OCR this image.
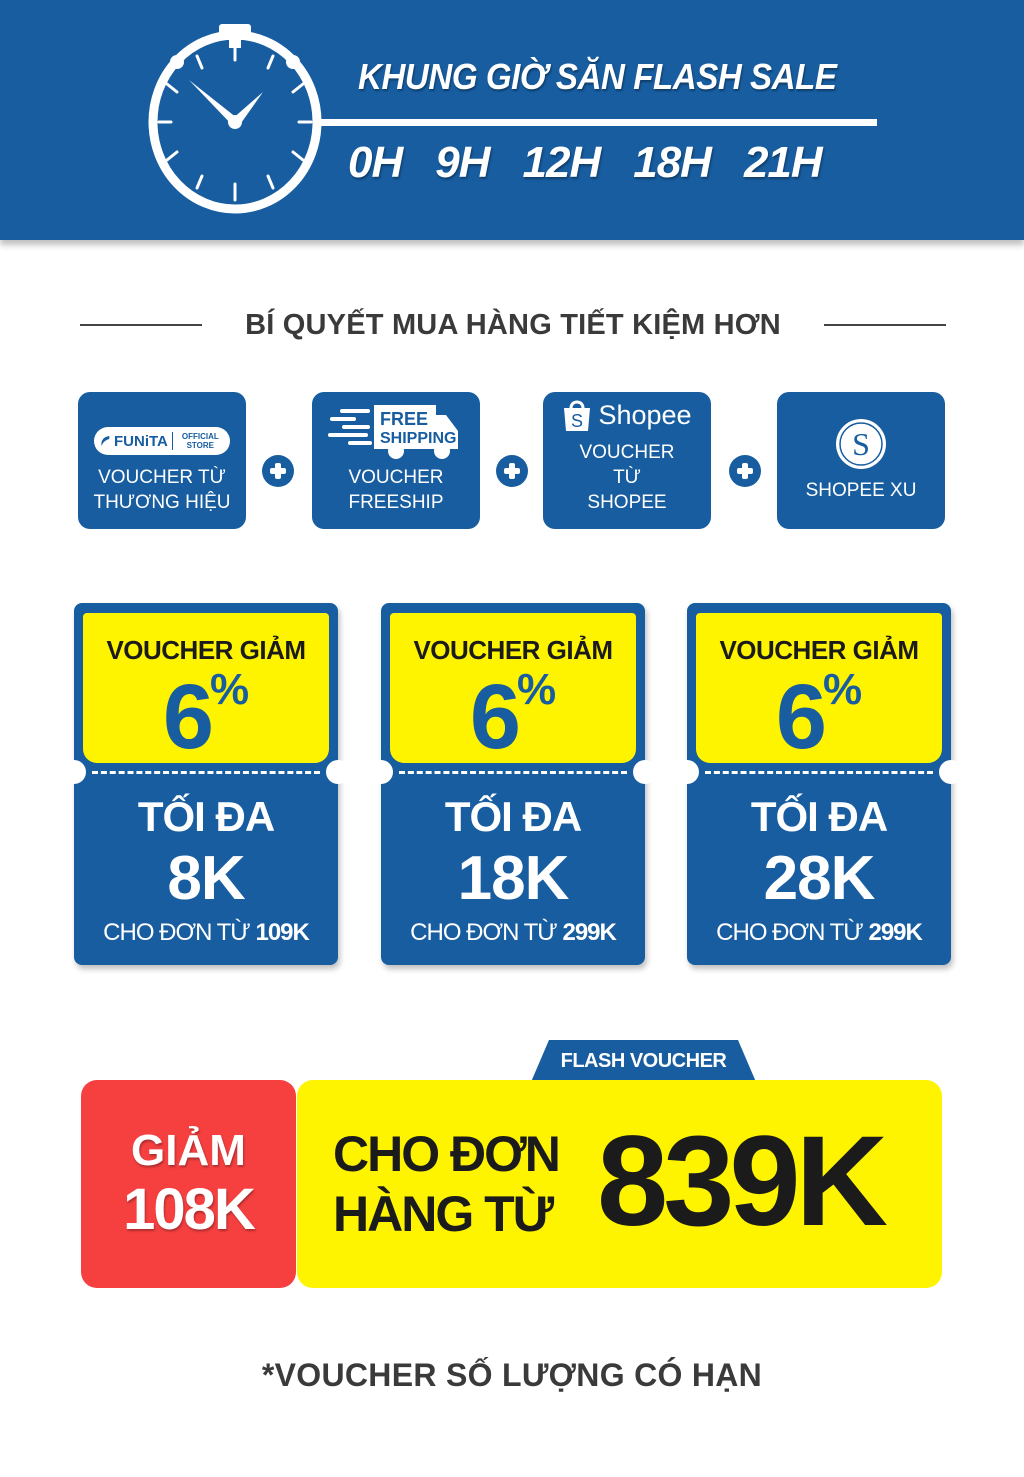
KHUNG GIỜ SĂN FLASH SALE
0H 9H 12H 18H 21H
BÍ QUYẾT MUA HÀNG TIẾT KIỆM HƠN
FUNiTA	OFFICIAL STORE
VOUCHER TỪ THƯƠNG HIỆU
FREE
SHIPPING
VOUCHER FREESHIP
S Shopee
VOUCHER TỪ SHOPEE
S
SHOPEE XU
VOUCHER GIẢM
6%
TỐI ĐA
8K
CHO ĐƠN TỪ 109K
VOUCHER GIẢM
6%
TỐI ĐA
18K
CHO ĐƠN TỪ 299K
VOUCHER GIẢM
6%
TỐI ĐA
28K
CHO ĐƠN TỪ 299K
FLASH VOUCHER
GIẢM
108K
CHO ĐƠN
HÀNG TỪ 839K
*VOUCHER SỐ LƯỢNG CÓ HẠN
